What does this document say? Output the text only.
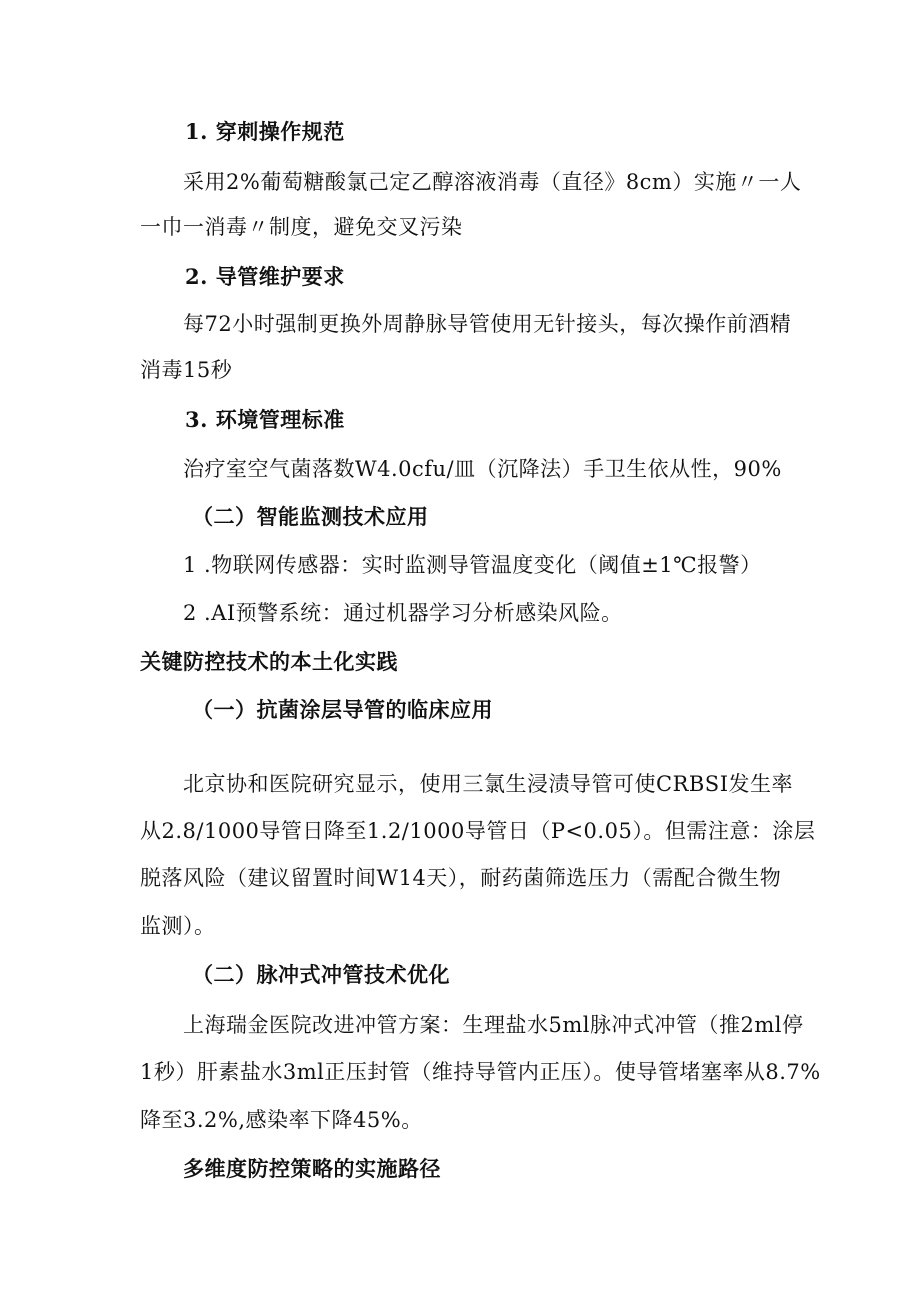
1. 穿刺操作规范
采用2%葡萄糖酸氯己定乙醇溶液消毒（直径》8cm）实施〃一人
一巾一消毒〃制度，避免交叉污染
2. 导管维护要求
每72小时强制更换外周静脉导管使用无针接头，每次操作前酒精
消毒15秒
3. 环境管理标准
治疗室空气菌落数W4.0cfu/皿（沉降法）手卫生依从性，90%
（二）智能监测技术应用
1 .物联网传感器：实时监测导管温度变化（阈值±1℃报警）
2 .AI预警系统：通过机器学习分析感染风险。
关键防控技术的本土化实践
（一）抗菌涂层导管的临床应用
北京协和医院研究显示，使用三氯生浸渍导管可使CRBSI发生率
从2.8/1000导管日降至1.2/1000导管日（P<0.05）。但需注意：涂层
脱落风险（建议留置时间W14天），耐药菌筛选压力（需配合微生物
监测）。
（二）脉冲式冲管技术优化
上海瑞金医院改进冲管方案：生理盐水5ml脉冲式冲管（推2ml停
1秒）肝素盐水3ml正压封管（维持导管内正压）。使导管堵塞率从8.7%
降至3.2%,感染率下降45%。
多维度防控策略的实施路径
